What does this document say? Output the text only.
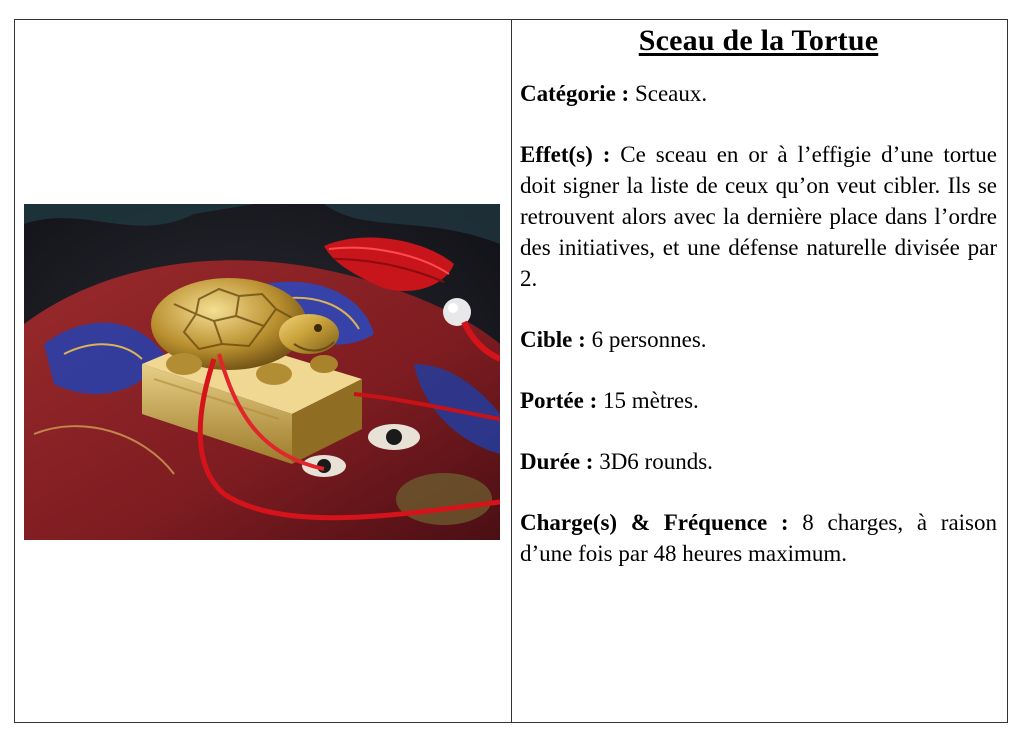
Sceau de la Tortue

Catégorie : Sceaux.

Effet(s) : Ce sceau en or à l’effigie d’une tortue doit signer la liste de ceux qu’on veut cibler. Ils se retrouvent alors avec la dernière place dans l’ordre des initiatives, et une défense naturelle divisée par 2.

Cible : 6 personnes.

Portée : 15 mètres.

Durée : 3D6 rounds.

Charge(s) & Fréquence : 8 charges, à raison d’une fois par 48 heures maximum.
